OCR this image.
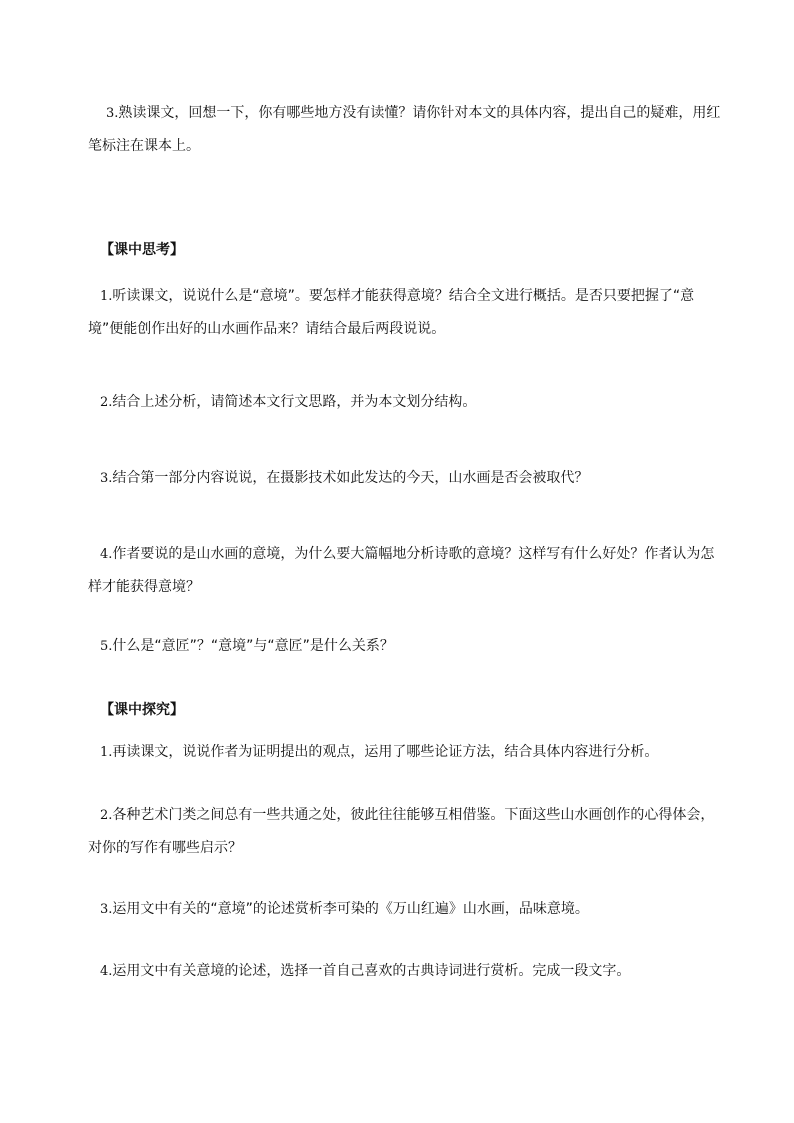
3.熟读课文，回想一下，你有哪些地方没有读懂？请你针对本文的具体内容，提出自己的疑难，用红笔标注在课本上。

【课中思考】

1.听读课文，说说什么是“意境”。要怎样才能获得意境？结合全文进行概括。是否只要把握了“意境”便能创作出好的山水画作品来？请结合最后两段说说。

2.结合上述分析，请简述本文行文思路，并为本文划分结构。

3.结合第一部分内容说说，在摄影技术如此发达的今天，山水画是否会被取代？

4.作者要说的是山水画的意境，为什么要大篇幅地分析诗歌的意境？这样写有什么好处？作者认为怎样才能获得意境？

5.什么是“意匠”？“意境”与“意匠”是什么关系？

【课中探究】

1.再读课文，说说作者为证明提出的观点，运用了哪些论证方法，结合具体内容进行分析。

2.各种艺术门类之间总有一些共通之处，彼此往往能够互相借鉴。下面这些山水画创作的心得体会，对你的写作有哪些启示？

3.运用文中有关的“意境”的论述赏析李可染的《万山红遍》山水画，品味意境。

4.运用文中有关意境的论述，选择一首自己喜欢的古典诗词进行赏析。完成一段文字。
